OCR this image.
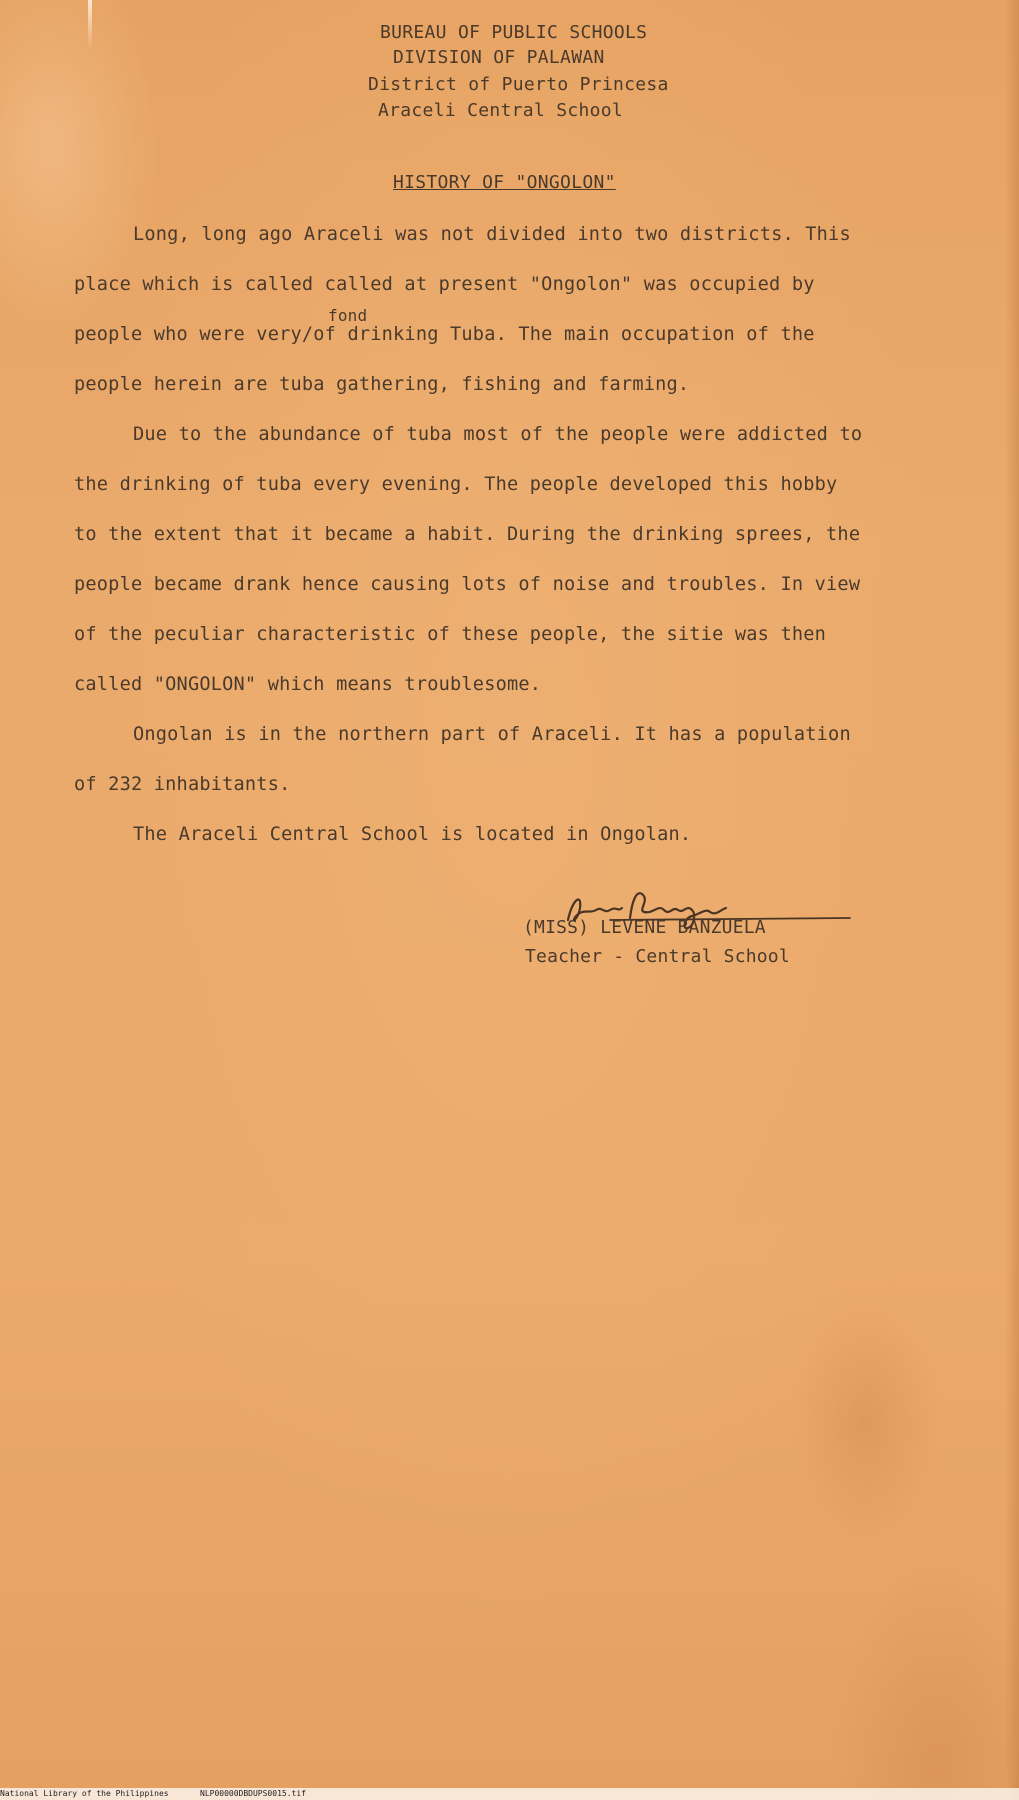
BUREAU OF PUBLIC SCHOOLS
DIVISION OF PALAWAN
District of Puerto Princesa
Araceli Central School
HISTORY OF "ONGOLON"
Long, long ago Araceli was not divided into two districts. This
place which is called called at present "Ongolon" was occupied by
fond
people who were very/of drinking Tuba. The main occupation of the
people herein are tuba gathering, fishing and farming.
Due to the abundance of tuba most of the people were addicted to
the drinking of tuba every evening. The people developed this hobby
to the extent that it became a habit. During the drinking sprees, the
people became drank hence causing lots of noise and troubles. In view
of the peculiar characteristic of these people, the sitie was then
called "ONGOLON" which means troublesome.
Ongolan is in the northern part of Araceli. It has a population
of 232 inhabitants.
The Araceli Central School is located in Ongolan.
(MISS) LEVENE BANZUELA
Teacher - Central School
National Library of the Philippines	NLP00000DBDUPS0015.tif
